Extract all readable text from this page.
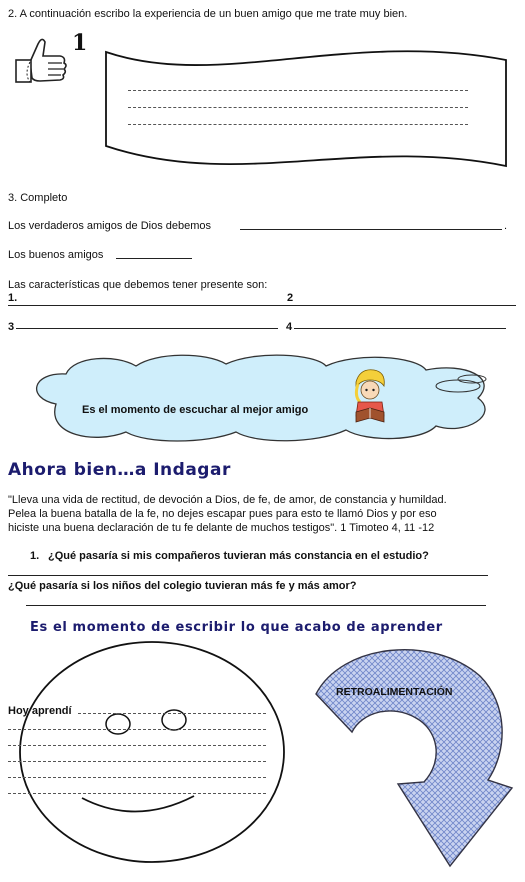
2. A continuación escribo la experiencia de un buen amigo que me trate muy bien.
1
3. Completo
Los verdaderos amigos de Dios debemos	.
Los buenos amigos
Las características que debemos tener presente son:
1.	2
3	4
Es el momento de escuchar al mejor amigo
Ahora bien…a Indagar
"Lleva una vida de rectitud, de devoción a Dios, de fe, de amor, de constancia y humildad.
Pelea la buena batalla de la fe, no dejes escapar pues para esto te llamó Dios y por eso
hiciste una buena declaración de tu fe delante de muchos testigos". 1 Timoteo 4, 11 -12
1. ¿Qué pasaría si mis compañeros tuvieran más constancia en el estudio?
¿Qué pasaría si los niños del colegio tuvieran más fe y más amor?
Es el momento de escribir lo que acabo de aprender
Hoy aprendí
RETROALIMENTACIÓN
